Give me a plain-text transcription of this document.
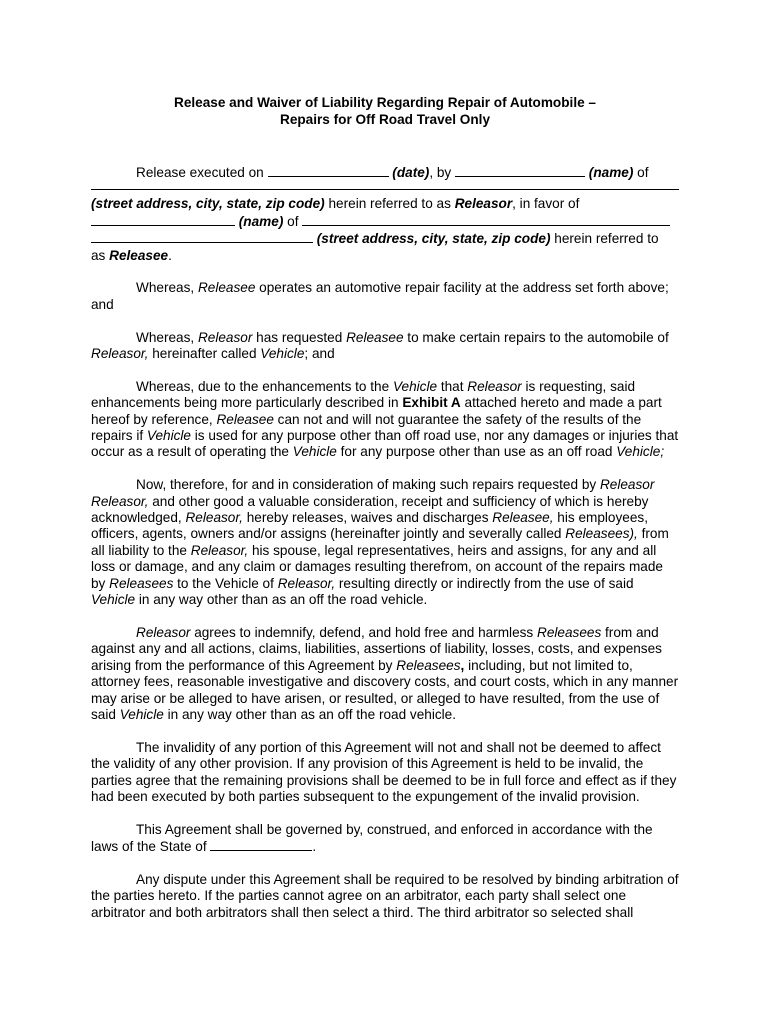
Release and Waiver of Liability Regarding Repair of Automobile –

Repairs for Off Road Travel Only

Release executed on	(date), by	(name) of

(street address, city, state, zip code) herein referred to as Releasor, in favor of

(name) of

(street address, city, state, zip code) herein referred to

as Releasee.

Whereas, Releasee operates an automotive repair facility at the address set forth above; and

Whereas, Releasor has requested Releasee to make certain repairs to the automobile of Releasor, hereinafter called Vehicle; and

Whereas, due to the enhancements to the Vehicle that Releasor is requesting, said enhancements being more particularly described in Exhibit A attached hereto and made a part hereof by reference, Releasee can not and will not guarantee the safety of the results of the repairs if Vehicle is used for any purpose other than off road use, nor any damages or injuries that occur as a result of operating the Vehicle for any purpose other than use as an off road Vehicle;

Now, therefore, for and in consideration of making such repairs requested by Releasor Releasor, and other good a valuable consideration, receipt and sufficiency of which is hereby acknowledged, Releasor, hereby releases, waives and discharges Releasee, his employees, officers, agents, owners and/or assigns (hereinafter jointly and severally called Releasees), from all liability to the Releasor, his spouse, legal representatives, heirs and assigns, for any and all loss or damage, and any claim or damages resulting therefrom, on account of the repairs made by Releasees to the Vehicle of Releasor, resulting directly or indirectly from the use of said Vehicle in any way other than as an off the road vehicle.

Releasor agrees to indemnify, defend, and hold free and harmless Releasees from and against any and all actions, claims, liabilities, assertions of liability, losses, costs, and expenses arising from the performance of this Agreement by Releasees, including, but not limited to, attorney fees, reasonable investigative and discovery costs, and court costs, which in any manner may arise or be alleged to have arisen, or resulted, or alleged to have resulted, from the use of said Vehicle in any way other than as an off the road vehicle.

The invalidity of any portion of this Agreement will not and shall not be deemed to affect the validity of any other provision. If any provision of this Agreement is held to be invalid, the parties agree that the remaining provisions shall be deemed to be in full force and effect as if they had been executed by both parties subsequent to the expungement of the invalid provision.

This Agreement shall be governed by, construed, and enforced in accordance with the laws of the State of	.

Any dispute under this Agreement shall be required to be resolved by binding arbitration of the parties hereto. If the parties cannot agree on an arbitrator, each party shall select one arbitrator and both arbitrators shall then select a third. The third arbitrator so selected shall
